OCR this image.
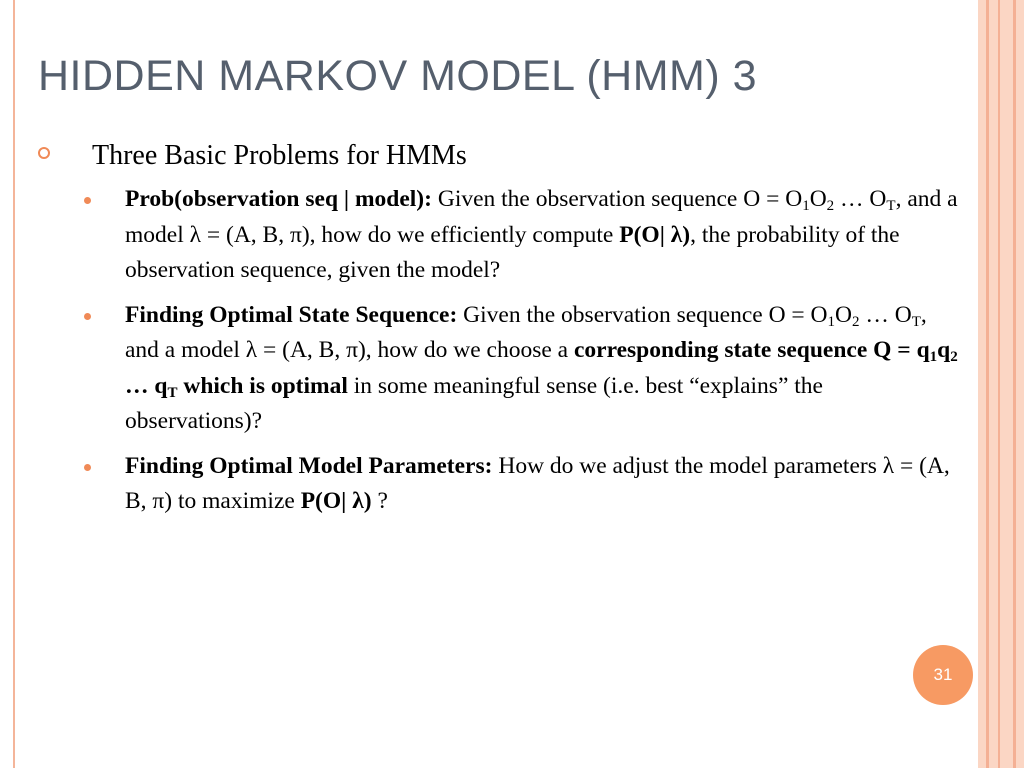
HIDDEN MARKOV MODEL (HMM) 3
Three Basic Problems for HMMs
Prob(observation seq | model): Given the observation sequence $O = O_1O_2$ … $O_T$, and a model λ = (A, B, π), how do we efficiently compute P(O| λ), the probability of the observation sequence, given the model?
Finding Optimal State Sequence: Given the observation sequence $O = O_1O_2$ … $O_T$, and a model λ = (A, B, π), how do we choose a corresponding state sequence $Q = q_1q_2$ … $q_T$ which is optimal in some meaningful sense (i.e. best “explains” the observations)?
Finding Optimal Model Parameters: How do we adjust the model parameters λ = (A, B, π) to maximize P(O| λ) ?
31
